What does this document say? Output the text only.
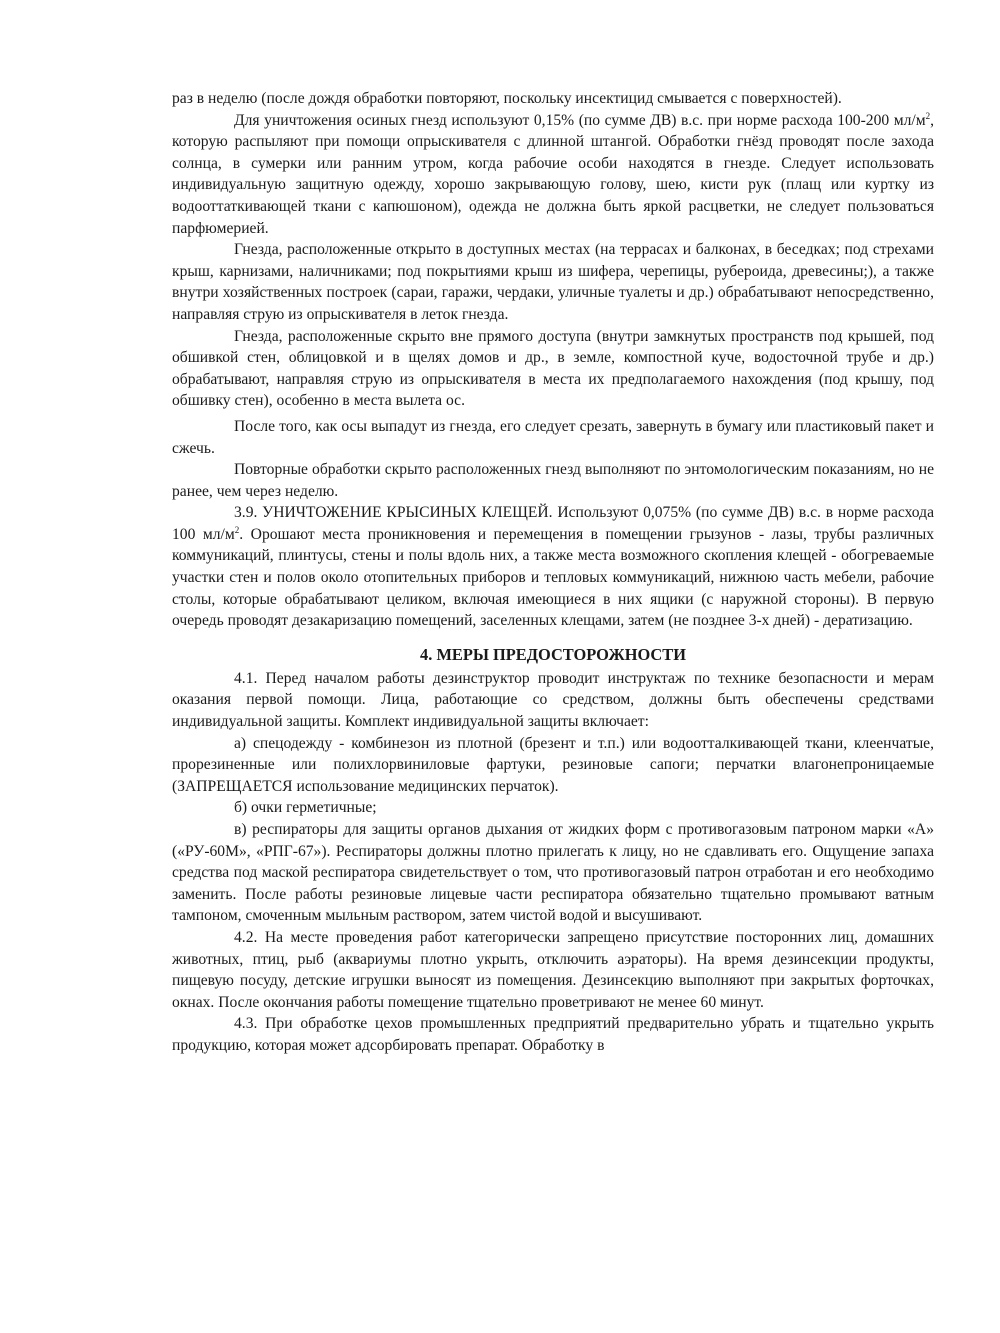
раз в неделю (после дождя обработки повторяют, поскольку инсектицид смывается с поверхностей).

Для уничтожения осиных гнезд используют 0,15% (по сумме ДВ) в.с. при норме расхода 100-200 $мл/м^2$, которую распыляют при помощи опрыскивателя с длинной штангой. Обработки гнёзд проводят после захода солнца, в сумерки или ранним утром, когда рабочие особи находятся в гнезде. Следует использовать индивидуальную защитную одежду, хорошо закрывающую голову, шею, кисти рук (плащ или куртку из водооттаткивающей ткани с капюшоном), одежда не должна быть яркой расцветки, не следует пользоваться парфюмерией.

Гнезда, расположенные открыто в доступных местах (на террасах и балконах, в беседках; под стрехами крыш, карнизами, наличниками; под покрытиями крыш из шифера, черепицы, рубероида, древесины;), а также внутри хозяйственных построек (сараи, гаражи, чердаки, уличные туалеты и др.) обрабатывают непосредственно, направляя струю из опрыскивателя в леток гнезда.

Гнезда, расположенные скрыто вне прямого доступа (внутри замкнутых пространств под крышей, под обшивкой стен, облицовкой и в щелях домов и др., в земле, компостной куче, водосточной трубе и др.) обрабатывают, направляя струю из опрыскивателя в места их предполагаемого нахождения (под крышу, под обшивку стен), особенно в места вылета ос.

После того, как осы выпадут из гнезда, его следует срезать, завернуть в бумагу или пластиковый пакет и сжечь.

Повторные обработки скрыто расположенных гнезд выполняют по энтомологическим показаниям, но не ранее, чем через неделю.

3.9. УНИЧТОЖЕНИЕ КРЫСИНЫХ КЛЕЩЕЙ. Используют 0,075% (по сумме ДВ) в.с. в норме расхода 100 $мл/м^2$. Орошают места проникновения и перемещения в помещении грызунов - лазы, трубы различных коммуникаций, плинтусы, стены и полы вдоль них, а также места возможного скопления клещей - обогреваемые участки стен и полов около отопительных приборов и тепловых коммуникаций, нижнюю часть мебели, рабочие столы, которые обрабатывают целиком, включая имеющиеся в них ящики (с наружной стороны). В первую очередь проводят дезакаризацию помещений, заселенных клещами, затем (не позднее 3-х дней) - дератизацию.

4. МЕРЫ ПРЕДОСТОРОЖНОСТИ

4.1. Перед началом работы дезинструктор проводит инструктаж по технике безопасности и мерам оказания первой помощи. Лица, работающие со средством, должны быть обеспечены средствами индивидуальной защиты. Комплект индивидуальной защиты включает:

а) спецодежду - комбинезон из плотной (брезент и т.п.) или водоотталкивающей ткани, клеенчатые, прорезиненные или полихлорвиниловые фартуки, резиновые сапоги; перчатки влагонепроницаемые (ЗАПРЕЩАЕТСЯ использование медицинских перчаток).

б) очки герметичные;

в) респираторы для защиты органов дыхания от жидких форм с противогазовым патроном марки «А» («РУ-60М», «РПГ-67»). Респираторы должны плотно прилегать к лицу, но не сдавливать его. Ощущение запаха средства под маской респиратора свидетельствует о том, что противогазовый патрон отработан и его необходимо заменить. После работы резиновые лицевые части респиратора обязательно тщательно промывают ватным тампоном, смоченным мыльным раствором, затем чистой водой и высушивают.

4.2. На месте проведения работ категорически запрещено присутствие посторонних лиц, домашних животных, птиц, рыб (аквариумы плотно укрыть, отключить аэраторы). На время дезинсекции продукты, пищевую посуду, детские игрушки выносят из помещения. Дезинсекцию выполняют при закрытых форточках, окнах. После окончания работы помещение тщательно проветривают не менее 60 минут.

4.3. При обработке цехов промышленных предприятий предварительно убрать и тщательно укрыть продукцию, которая может адсорбировать препарат. Обработку в
